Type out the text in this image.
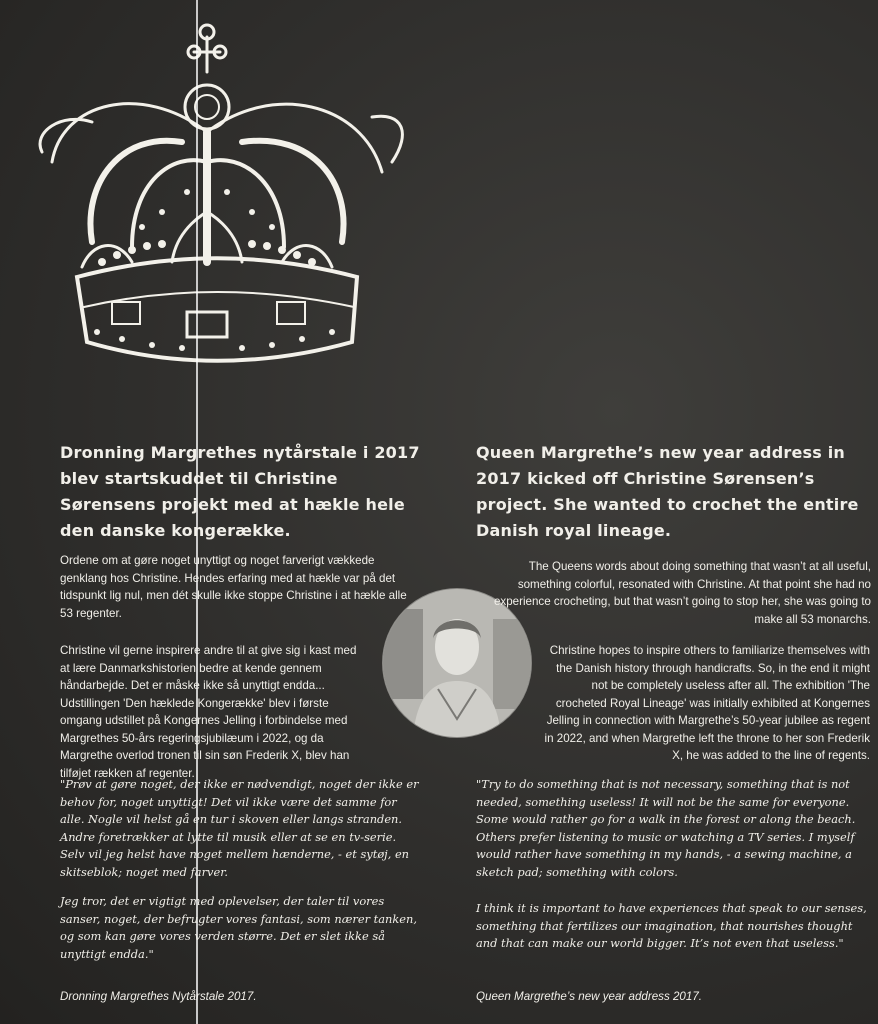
Dronning Margrethes nytårstale i 2017 blev startskuddet til Christine Sørensens projekt med at hækle hele den danske kongerække.

Ordene om at gøre noget unyttigt og noget farverigt vækkede genklang hos Christine. Hendes erfaring med at hækle var på det tidspunkt lig nul, men dét skulle ikke stoppe Christine i at hækle alle 53 regenter.

Christine vil gerne inspirere andre til at give sig i kast med at lære Danmarkshistorien bedre at kende gennem håndarbejde. Det er måske ikke så unyttigt endda... Udstillingen 'Den hæklede Kongerække' blev i første omgang udstillet på Kongernes Jelling i forbindelse med Margrethes 50-års regeringsjubilæum i 2022, og da Margrethe overlod tronen til sin søn Frederik X, blev han tilføjet rækken af regenter.

"Prøv at gøre noget, der ikke er nødvendigt, noget der ikke er behov for, noget unyttigt! Det vil ikke være det samme for alle. Nogle vil helst gå en tur i skoven eller langs stranden. Andre foretrækker at lytte til musik eller at se en tv-serie. Selv vil jeg helst have noget mellem hænderne, - et sytøj, en skitseblok; noget med farver.

Jeg tror, det er vigtigt med oplevelser, der taler til vores sanser, noget, der befrugter vores fantasi, som nærer tanken, og som kan gøre vores verden større. Det er slet ikke så unyttigt endda."

Dronning Margrethes Nytårstale 2017.

Queen Margrethe’s new year address in 2017 kicked off Christine Sørensen’s project. She wanted to crochet the entire Danish royal lineage.

The Queens words about doing something that wasn’t at all useful, something colorful, resonated with Christine. At that point she had no experience crocheting, but that wasn’t going to stop her, she was going to make all 53 monarchs.

Christine hopes to inspire others to familiarize themselves with the Danish history through handicrafts. So, in the end it might not be completely useless after all. The exhibition 'The crocheted Royal Lineage' was initially exhibited at Kongernes Jelling in connection with Margrethe’s 50-year jubilee as regent in 2022, and when Margrethe left the throne to her son Frederik X, he was added to the line of regents.

"Try to do something that is not necessary, something that is not needed, something useless! It will not be the same for everyone. Some would rather go for a walk in the forest or along the beach. Others prefer listening to music or watching a TV series. I myself would rather have something in my hands, - a sewing machine, a sketch pad; something with colors.

I think it is important to have experiences that speak to our senses, something that fertilizes our imagination, that nourishes thought and that can make our world bigger. It’s not even that useless."

Queen Margrethe’s new year address 2017.
